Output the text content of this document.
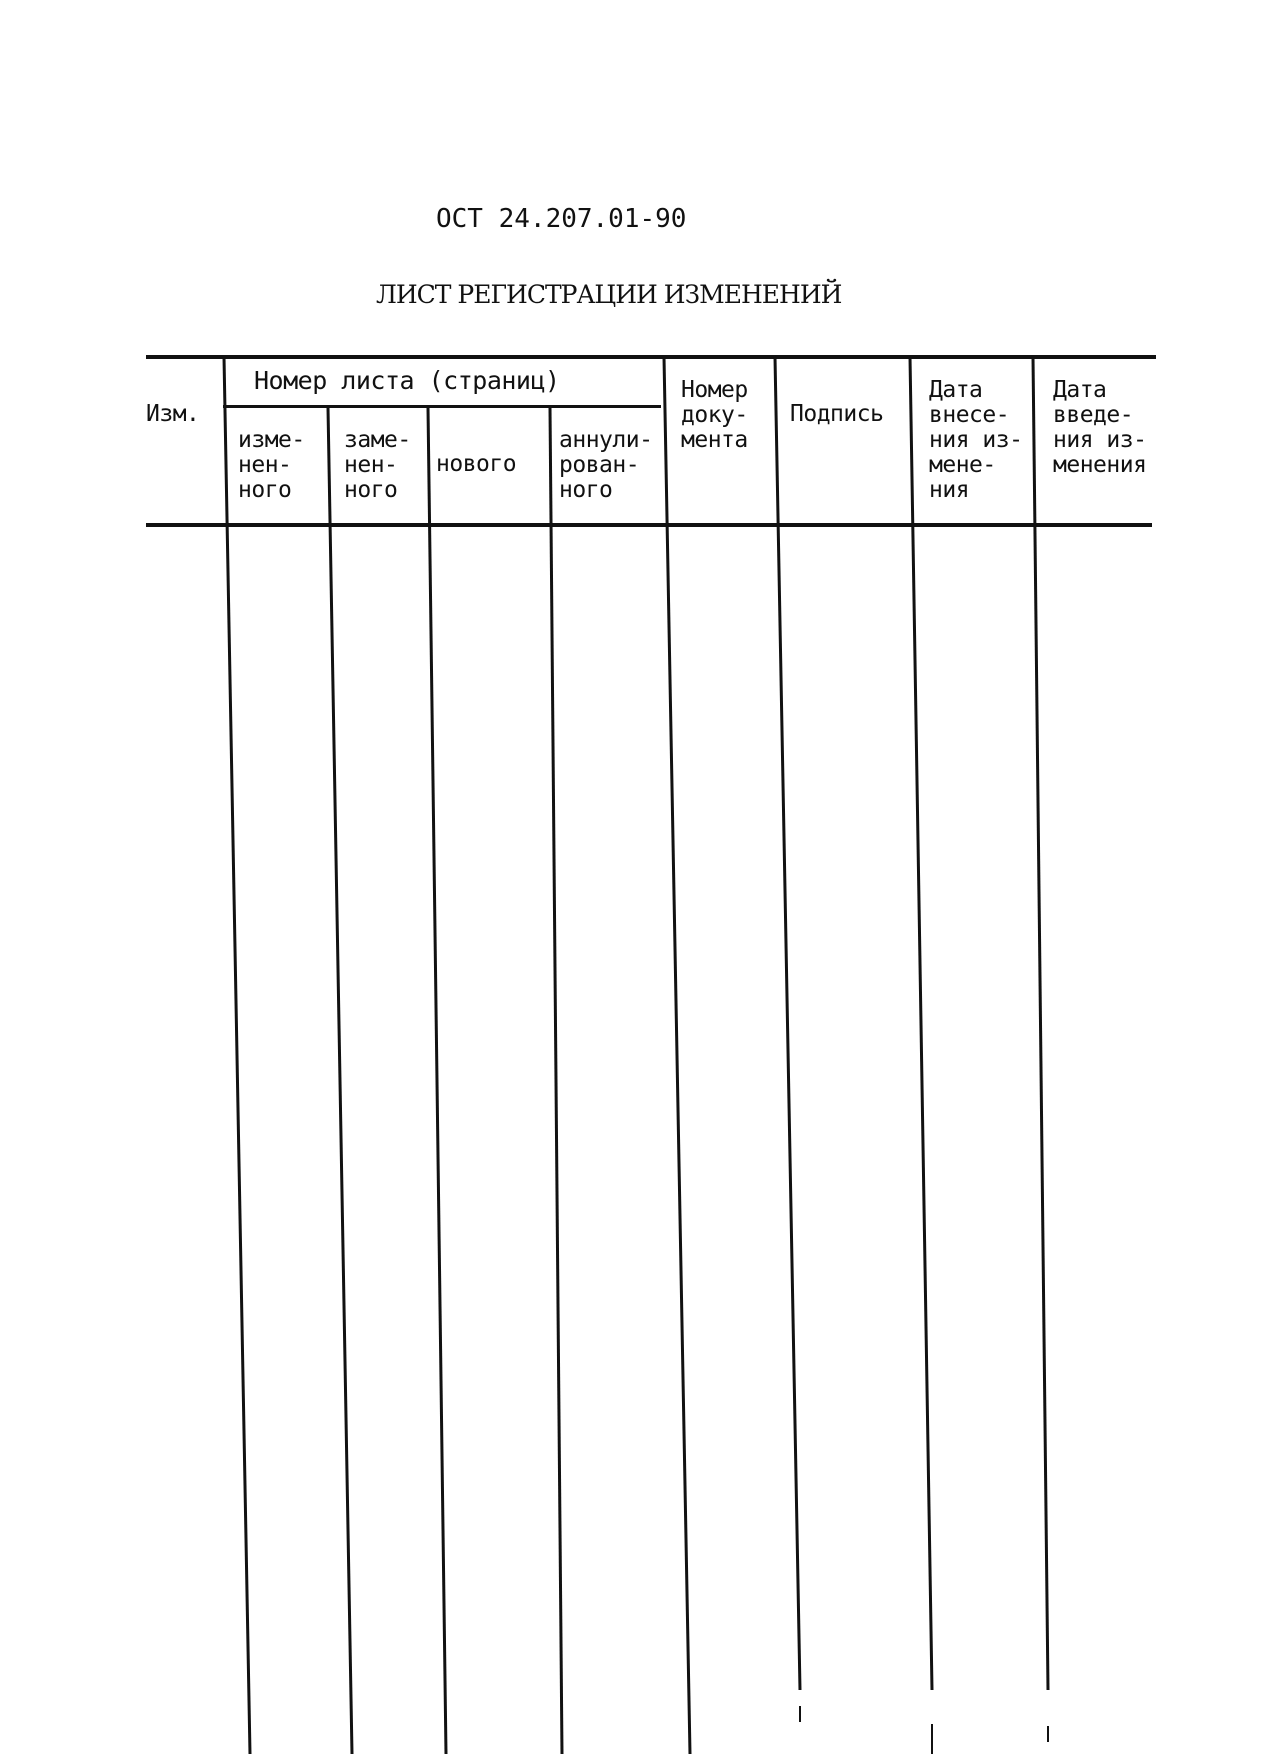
ОСТ 24.207.01-90
ЛИСТ РЕГИСТРАЦИИ ИЗМЕНЕНИЙ
Изм.
Номер листа (страниц)
изме-
нен-
ного
заме-
нен-
ного
нового
аннули-
рован-
ного
Номер
доку-
мента
Подпись
Дата
внесе-
ния из-
мене-
ния
Дата
введе-
ния из-
менения
